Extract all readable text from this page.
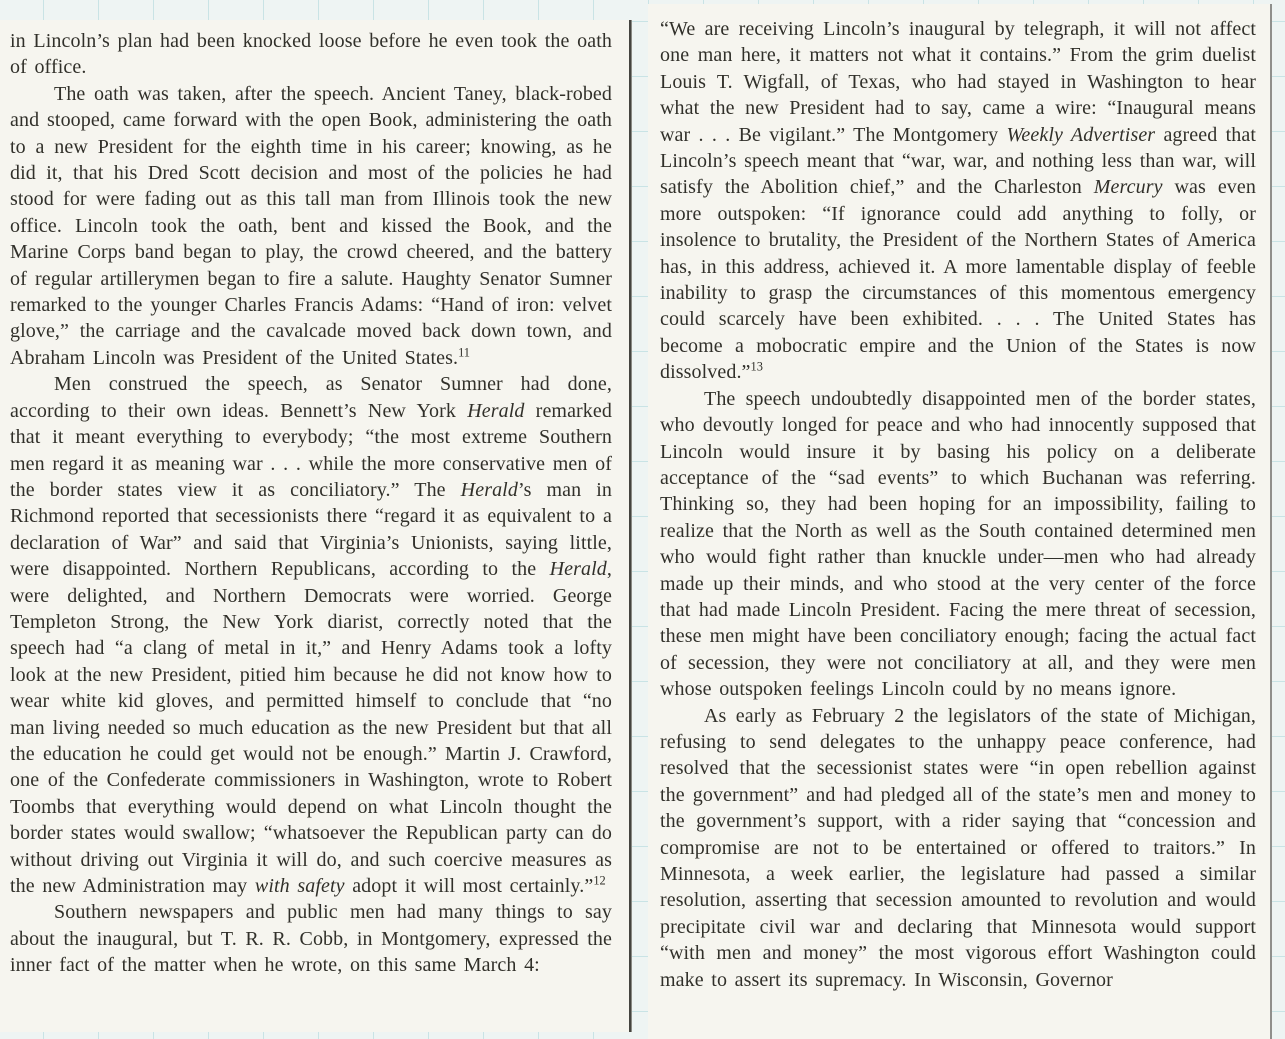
in Lincoln’s plan had been knocked loose before he even took the oath of office.

The oath was taken, after the speech. Ancient Taney, black-robed and stooped, came forward with the open Book, administering the oath to a new President for the eighth time in his career; knowing, as he did it, that his Dred Scott decision and most of the policies he had stood for were fading out as this tall man from Illinois took the new office. Lincoln took the oath, bent and kissed the Book, and the Marine Corps band began to play, the crowd cheered, and the battery of regular artillerymen began to fire a salute. Haughty Senator Sumner remarked to the younger Charles Francis Adams: “Hand of iron: velvet glove,” the carriage and the cavalcade moved back down town, and Abraham Lincoln was President of the United States.$^{11}$

Men construed the speech, as Senator Sumner had done, according to their own ideas. Bennett’s New York Herald remarked that it meant everything to everybody; “the most extreme Southern men regard it as meaning war . . . while the more conservative men of the border states view it as conciliatory.” The Herald’s man in Richmond reported that secessionists there “regard it as equivalent to a declaration of War” and said that Virginia’s Unionists, saying little, were disappointed. Northern Republicans, according to the Herald, were delighted, and Northern Democrats were worried. George Templeton Strong, the New York diarist, correctly noted that the speech had “a clang of metal in it,” and Henry Adams took a lofty look at the new President, pitied him because he did not know how to wear white kid gloves, and permitted himself to conclude that “no man living needed so much education as the new President but that all the education he could get would not be enough.” Martin J. Crawford, one of the Confederate commissioners in Washington, wrote to Robert Toombs that everything would depend on what Lincoln thought the border states would swallow; “whatsoever the Republican party can do without driving out Virginia it will do, and such coercive measures as the new Administration may with safety adopt it will most certainly.”$^{12}$

Southern newspapers and public men had many things to say about the inaugural, but T. R. R. Cobb, in Montgomery, expressed the inner fact of the matter when he wrote, on this same March 4:

“We are receiving Lincoln’s inaugural by telegraph, it will not affect one man here, it matters not what it contains.” From the grim duelist Louis T. Wigfall, of Texas, who had stayed in Washington to hear what the new President had to say, came a wire: “Inaugural means war . . . Be vigilant.” The Montgomery Weekly Advertiser agreed that Lincoln’s speech meant that “war, war, and nothing less than war, will satisfy the Abolition chief,” and the Charleston Mercury was even more outspoken: “If ignorance could add anything to folly, or insolence to brutality, the President of the Northern States of America has, in this address, achieved it. A more lamentable display of feeble inability to grasp the circumstances of this momentous emergency could scarcely have been exhibited. . . . The United States has become a mobocratic empire and the Union of the States is now dissolved.”$^{13}$

The speech undoubtedly disappointed men of the border states, who devoutly longed for peace and who had innocently supposed that Lincoln would insure it by basing his policy on a deliberate acceptance of the “sad events” to which Buchanan was referring. Thinking so, they had been hoping for an impossibility, failing to realize that the North as well as the South contained determined men who would fight rather than knuckle under—men who had already made up their minds, and who stood at the very center of the force that had made Lincoln President. Facing the mere threat of secession, these men might have been conciliatory enough; facing the actual fact of secession, they were not conciliatory at all, and they were men whose outspoken feelings Lincoln could by no means ignore.

As early as February 2 the legislators of the state of Michigan, refusing to send delegates to the unhappy peace conference, had resolved that the secessionist states were “in open rebellion against the government” and had pledged all of the state’s men and money to the government’s support, with a rider saying that “concession and compromise are not to be entertained or offered to traitors.” In Minnesota, a week earlier, the legislature had passed a similar resolution, asserting that secession amounted to revolution and would precipitate civil war and declaring that Minnesota would support “with men and money” the most vigorous effort Washington could make to assert its supremacy. In Wisconsin, Governor
